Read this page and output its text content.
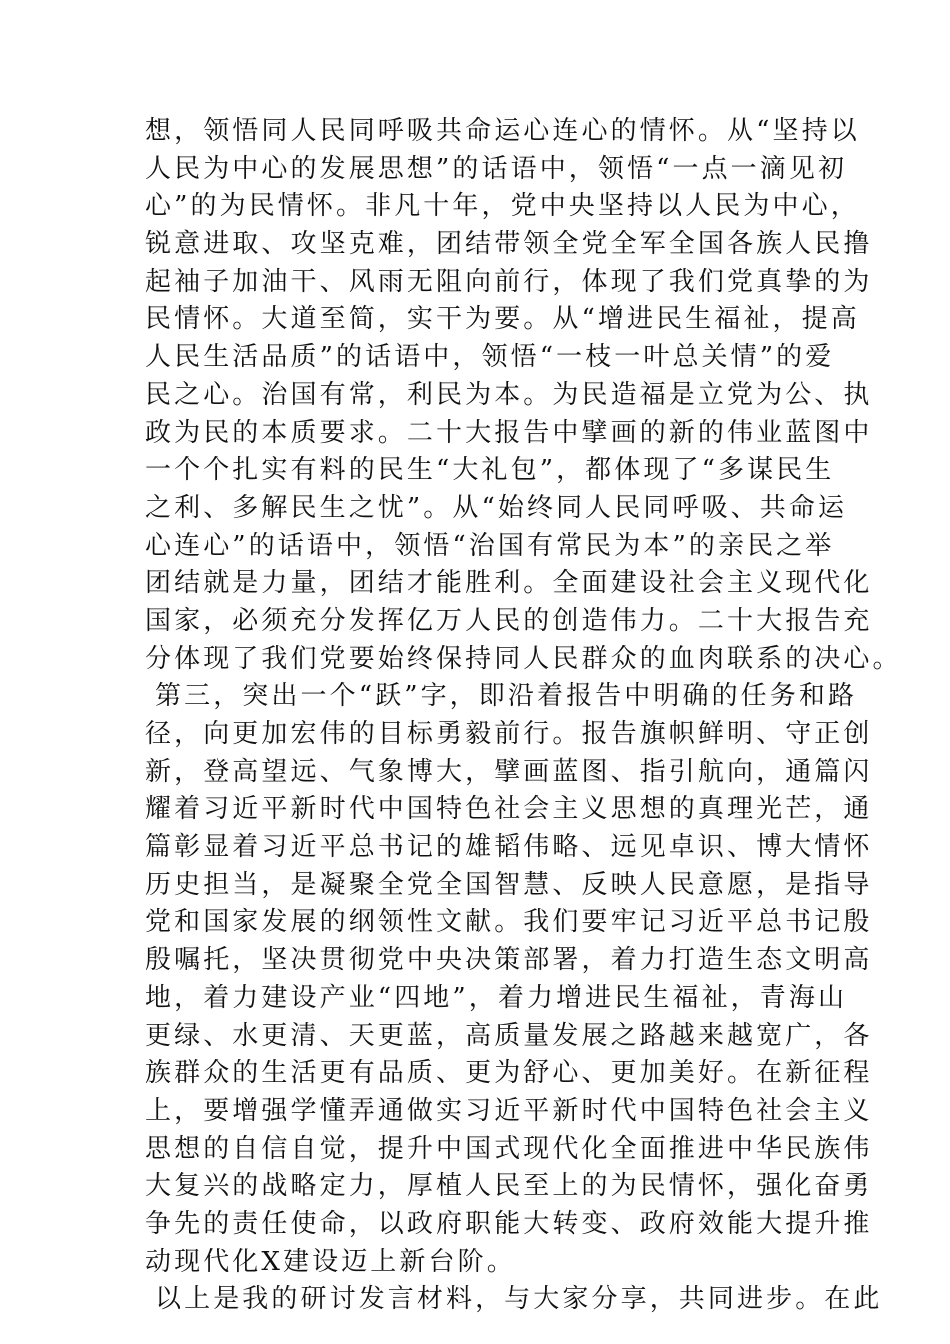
想，领悟同人民同呼吸共命运心连心的情怀。从“坚持以
人民为中心的发展思想”的话语中，领悟“一点一滴见初
心”的为民情怀。非凡十年，党中央坚持以人民为中心，
锐意进取、攻坚克难，团结带领全党全军全国各族人民撸
起袖子加油干、风雨无阻向前行，体现了我们党真挚的为
民情怀。大道至简，实干为要。从“增进民生福祉，提高
人民生活品质”的话语中，领悟“一枝一叶总关情”的爱
民之心。治国有常，利民为本。为民造福是立党为公、执
政为民的本质要求。二十大报告中擘画的新的伟业蓝图中
一个个扎实有料的民生“大礼包”，都体现了“多谋民生
之利、多解民生之忧”。从“始终同人民同呼吸、共命运
心连心”的话语中，领悟“治国有常民为本”的亲民之举
团结就是力量，团结才能胜利。全面建设社会主义现代化
国家，必须充分发挥亿万人民的创造伟力。二十大报告充
分体现了我们党要始终保持同人民群众的血肉联系的决心。
第三，突出一个“跃”字，即沿着报告中明确的任务和路
径，向更加宏伟的目标勇毅前行。报告旗帜鲜明、守正创
新，登高望远、气象博大，擘画蓝图、指引航向，通篇闪
耀着习近平新时代中国特色社会主义思想的真理光芒，通
篇彰显着习近平总书记的雄韬伟略、远见卓识、博大情怀
历史担当，是凝聚全党全国智慧、反映人民意愿，是指导
党和国家发展的纲领性文献。我们要牢记习近平总书记殷
殷嘱托，坚决贯彻党中央决策部署，着力打造生态文明高
地，着力建设产业“四地”，着力增进民生福祉，青海山
更绿、水更清、天更蓝，高质量发展之路越来越宽广，各
族群众的生活更有品质、更为舒心、更加美好。在新征程
上，要增强学懂弄通做实习近平新时代中国特色社会主义
思想的自信自觉，提升中国式现代化全面推进中华民族伟
大复兴的战略定力，厚植人民至上的为民情怀，强化奋勇
争先的责任使命，以政府职能大转变、政府效能大提升推
动现代化X建设迈上新台阶。
以上是我的研讨发言材料，与大家分享，共同进步。在此
